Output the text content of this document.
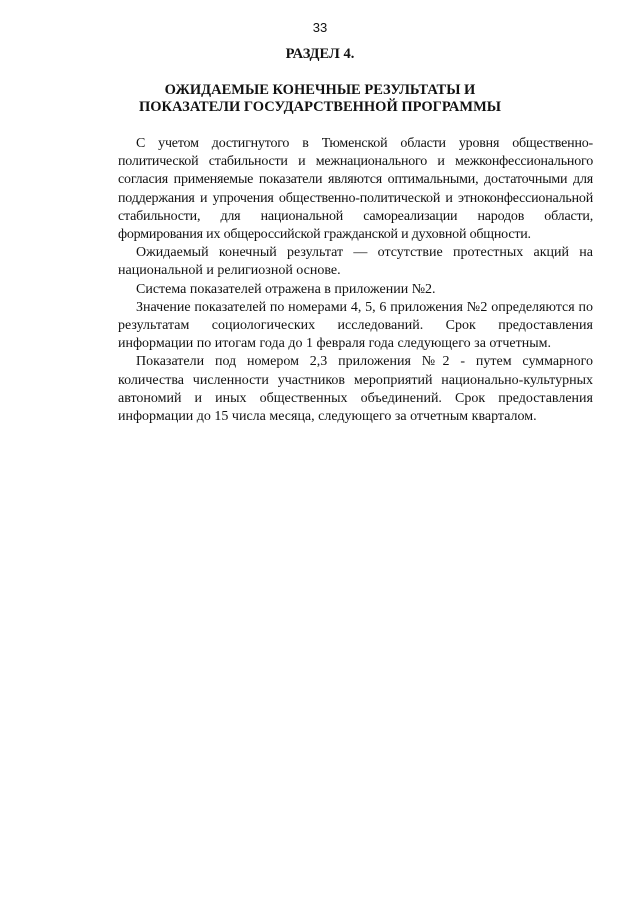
33
РАЗДЕЛ 4.
ОЖИДАЕМЫЕ КОНЕЧНЫЕ РЕЗУЛЬТАТЫ И
ПОКАЗАТЕЛИ ГОСУДАРСТВЕННОЙ ПРОГРАММЫ

С учетом достигнутого в Тюменской области уровня общественно-политической стабильности и межнационального и межконфессионального согласия применяемые показатели являются оптимальными, достаточными для поддержания и упрочения общественно-политической и этноконфессиональной стабильности, для национальной самореализации народов области, формирования их общероссийской гражданской и духовной общности.

Ожидаемый конечный результат — отсутствие протестных акций на национальной и религиозной основе.

Система показателей отражена в приложении №2.

Значение показателей по номерами 4, 5, 6 приложения №2 определяются по результатам социологических исследований. Срок предоставления информации по итогам года до 1 февраля года следующего за отчетным.

Показатели под номером 2,3 приложения №2 - путем суммарного количества численности участников мероприятий национально-культурных автономий и иных общественных объединений. Срок предоставления информации до 15 числа месяца, следующего за отчетным кварталом.
